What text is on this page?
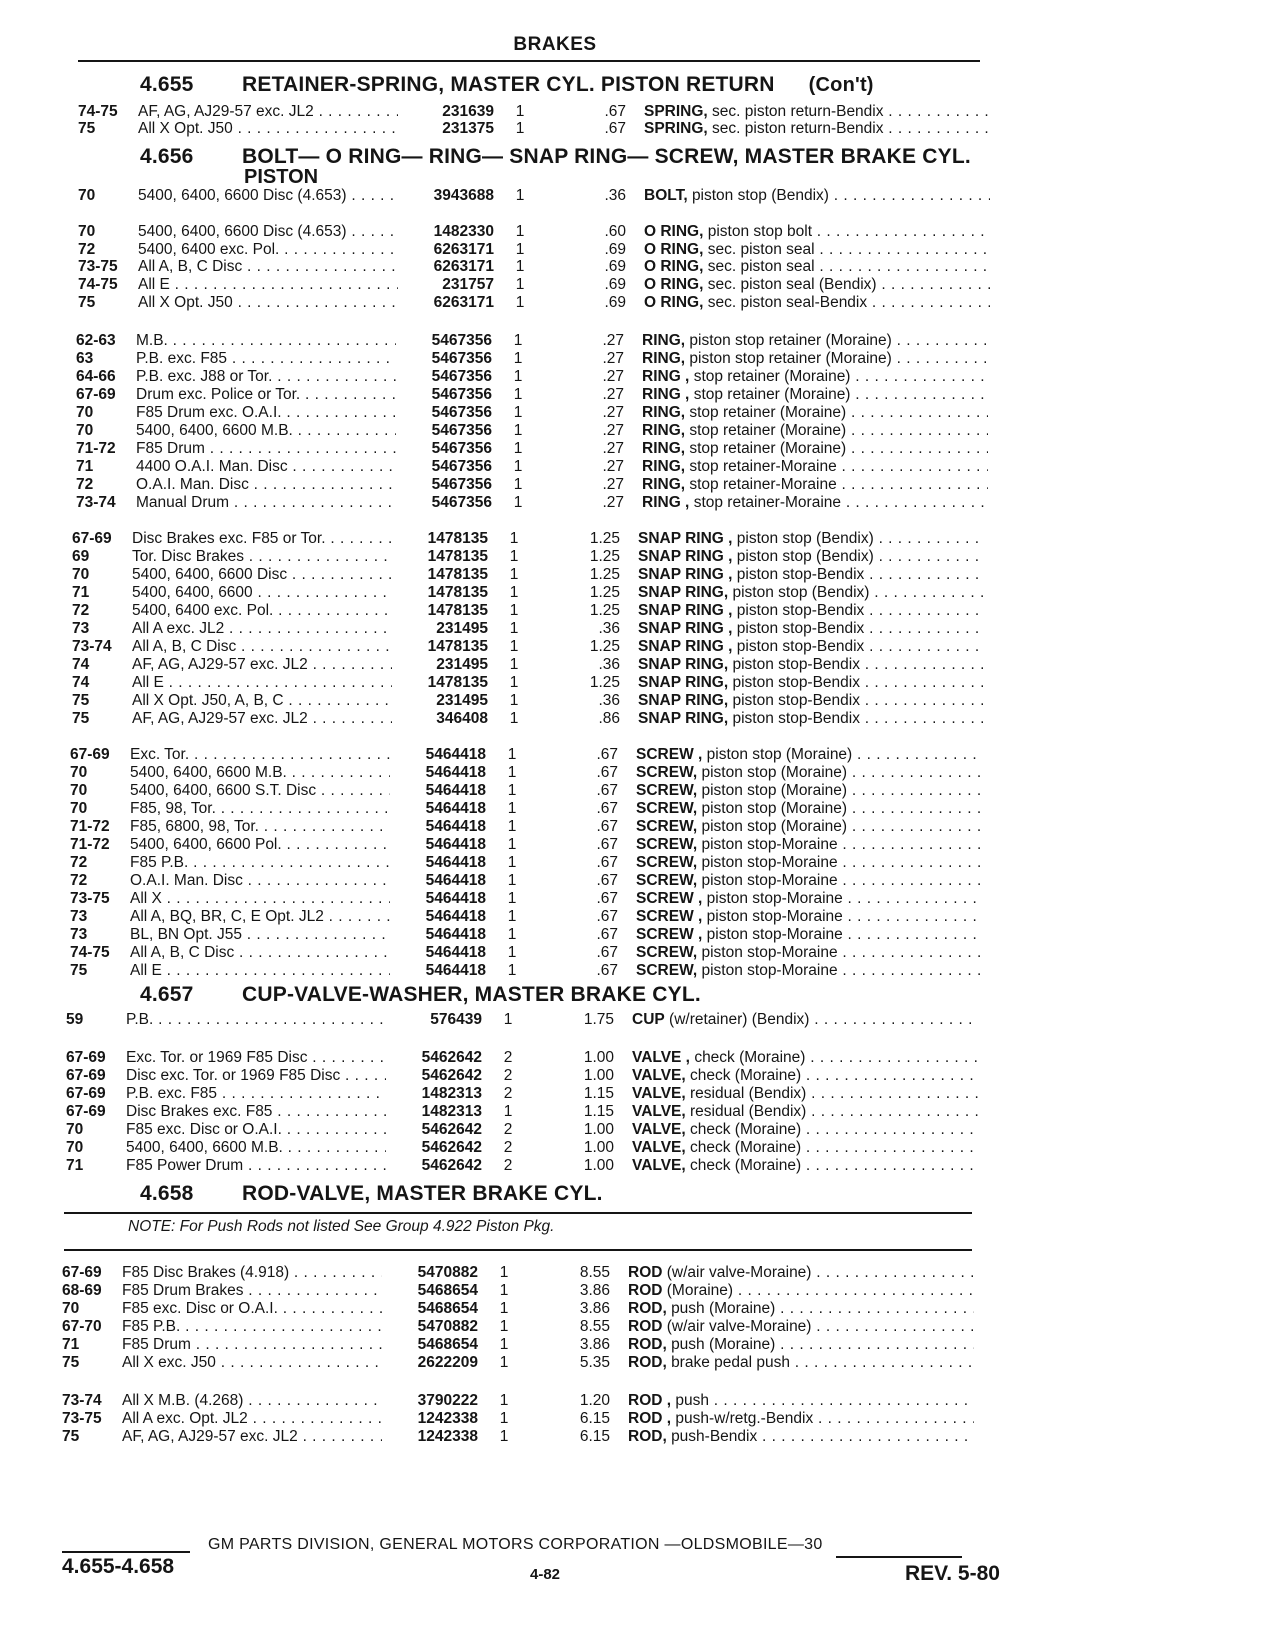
BRAKES
4.655 RETAINER-SPRING, MASTER CYL. PISTON RETURN (Con't)
4.656 BOLT— O RING— RING— SNAP RING— SCREW, MASTER BRAKE CYL.
PISTON
4.657 CUP-VALVE-WASHER, MASTER BRAKE CYL.
4.658 ROD-VALVE, MASTER BRAKE CYL.
NOTE: For Push Rods not listed See Group 4.922 Piston Pkg.
74-75 AF, AG, AJ29-57 exc. JL2 . . .	231639 1	.67 SPRING, sec. piston return-Bendix . . .
75	All X Opt. J50 . . .	231375 1	.67 SPRING, sec. piston return-Bendix . . .
70	5400, 6400, 6600 Disc (4.653) . . .	3943688 1	.36 BOLT, piston stop (Bendix) . . .
70	5400, 6400, 6600 Disc (4.653) . . .	1482330 1	.60 O RING, piston stop bolt . . .
72	5400, 6400 exc. Pol. . . .	6263171 1	.69 O RING, sec. piston seal . . .
73-75 All A, B, C Disc . . .	6263171 1	.69 O RING, sec. piston seal . . .
74-75 All E . . .	231757 1	.69 O RING, sec. piston seal (Bendix) . . .
75	All X Opt. J50 . . .	6263171 1	.69 O RING, sec. piston seal-Bendix . . .
62-63 M.B. . . .	5467356 1	.27 RING, piston stop retainer (Moraine) . . .
63	P.B. exc. F85 . . .	5467356 1	.27 RING, piston stop retainer (Moraine) . . .
64-66 P.B. exc. J88 or Tor. . . .	5467356 1	.27 RING , stop retainer (Moraine) . . .
67-69 Drum exc. Police or Tor. . . .	5467356 1	.27 RING , stop retainer (Moraine) . . .
70	F85 Drum exc. O.A.I. . . .	5467356 1	.27 RING, stop retainer (Moraine) . . .
70	5400, 6400, 6600 M.B. . . .	5467356 1	.27 RING, stop retainer (Moraine) . . .
71-72 F85 Drum . . .	5467356 1	.27 RING, stop retainer (Moraine) . . .
71	4400 O.A.I. Man. Disc . . .	5467356 1	.27 RING, stop retainer-Moraine . . .
72	O.A.I. Man. Disc . . .	5467356 1	.27 RING, stop retainer-Moraine . . .
73-74 Manual Drum . . .	5467356 1	.27 RING , stop retainer-Moraine . . .
67-69 Disc Brakes exc. F85 or Tor. . . .	1478135 1	1.25 SNAP RING , piston stop (Bendix) . . .
69	Tor. Disc Brakes . . .	1478135 1	1.25 SNAP RING , piston stop (Bendix) . . .
70	5400, 6400, 6600 Disc . . .	1478135 1	1.25 SNAP RING , piston stop-Bendix . . .
71	5400, 6400, 6600 . . .	1478135 1	1.25 SNAP RING, piston stop (Bendix) . . .
72	5400, 6400 exc. Pol. . . .	1478135 1	1.25 SNAP RING , piston stop-Bendix . . .
73	All A exc. JL2 . . .	231495 1	.36 SNAP RING , piston stop-Bendix . . .
73-74 All A, B, C Disc . . .	1478135 1	1.25 SNAP RING , piston stop-Bendix . . .
74	AF, AG, AJ29-57 exc. JL2 . . .	231495 1	.36 SNAP RING, piston stop-Bendix . . .
74	All E . . .	1478135 1	1.25 SNAP RING, piston stop-Bendix . . .
75	All X Opt. J50, A, B, C . . .	231495 1	.36 SNAP RING, piston stop-Bendix . . .
75	AF, AG, AJ29-57 exc. JL2 . . .	346408 1	.86 SNAP RING, piston stop-Bendix . . .
67-69 Exc. Tor. . . .	5464418 1	.67 SCREW , piston stop (Moraine) . . .
70	5400, 6400, 6600 M.B. . . .	5464418 1	.67 SCREW, piston stop (Moraine) . . .
70	5400, 6400, 6600 S.T. Disc . . .	5464418 1	.67 SCREW, piston stop (Moraine) . . .
70	F85, 98, Tor. . . .	5464418 1	.67 SCREW, piston stop (Moraine) . . .
71-72 F85, 6800, 98, Tor. . . .	5464418 1	.67 SCREW, piston stop (Moraine) . . .
71-72 5400, 6400, 6600 Pol. . . .	5464418 1	.67 SCREW, piston stop-Moraine . . .
72	F85 P.B. . . .	5464418 1	.67 SCREW, piston stop-Moraine . . .
72	O.A.I. Man. Disc . . .	5464418 1	.67 SCREW, piston stop-Moraine . . .
73-75 All X . . .	5464418 1	.67 SCREW , piston stop-Moraine . . .
73	All A, BQ, BR, C, E Opt. JL2 . . .	5464418 1	.67 SCREW , piston stop-Moraine . . .
73	BL, BN Opt. J55 . . .	5464418 1	.67 SCREW , piston stop-Moraine . . .
74-75 All A, B, C Disc . . .	5464418 1	.67 SCREW, piston stop-Moraine . . .
75	All E . . .	5464418 1	.67 SCREW, piston stop-Moraine . . .
59	P.B. . . .	576439 1	1.75 CUP (w/retainer) (Bendix) . . .
67-69 Exc. Tor. or 1969 F85 Disc . . .	5462642 2	1.00 VALVE , check (Moraine) . . .
67-69 Disc exc. Tor. or 1969 F85 Disc . . .	5462642 2	1.00 VALVE, check (Moraine) . . .
67-69 P.B. exc. F85 . . .	1482313 2	1.15 VALVE, residual (Bendix) . . .
67-69 Disc Brakes exc. F85 . . .	1482313 1	1.15 VALVE, residual (Bendix) . . .
70	F85 exc. Disc or O.A.I. . . .	5462642 2	1.00 VALVE, check (Moraine) . . .
70	5400, 6400, 6600 M.B. . . .	5462642 2	1.00 VALVE, check (Moraine) . . .
71	F85 Power Drum . . .	5462642 2	1.00 VALVE, check (Moraine) . . .
67-69 F85 Disc Brakes (4.918) . . .	5470882 1	8.55 ROD (w/air valve-Moraine) . . .
68-69 F85 Drum Brakes . . .	5468654 1	3.86 ROD (Moraine) . . .
70	F85 exc. Disc or O.A.I. . . .	5468654 1	3.86 ROD, push (Moraine) . . .
67-70 F85 P.B. . . .	5470882 1	8.55 ROD (w/air valve-Moraine) . . .
71	F85 Drum . . .	5468654 1	3.86 ROD, push (Moraine) . . .
75	All X exc. J50 . . .	2622209 1	5.35 ROD, brake pedal push . . .
73-74 All X M.B. (4.268) . . .	3790222 1	1.20 ROD , push . . .
73-75 All A exc. Opt. JL2 . . .	1242338 1	6.15 ROD , push-w/retg.-Bendix . . .
75	AF, AG, AJ29-57 exc. JL2 . . .	1242338 1	6.15 ROD, push-Bendix . . .
GM PARTS DIVISION, GENERAL MOTORS CORPORATION —OLDSMOBILE—30
4.655-4.658	4-82	REV. 5-80
